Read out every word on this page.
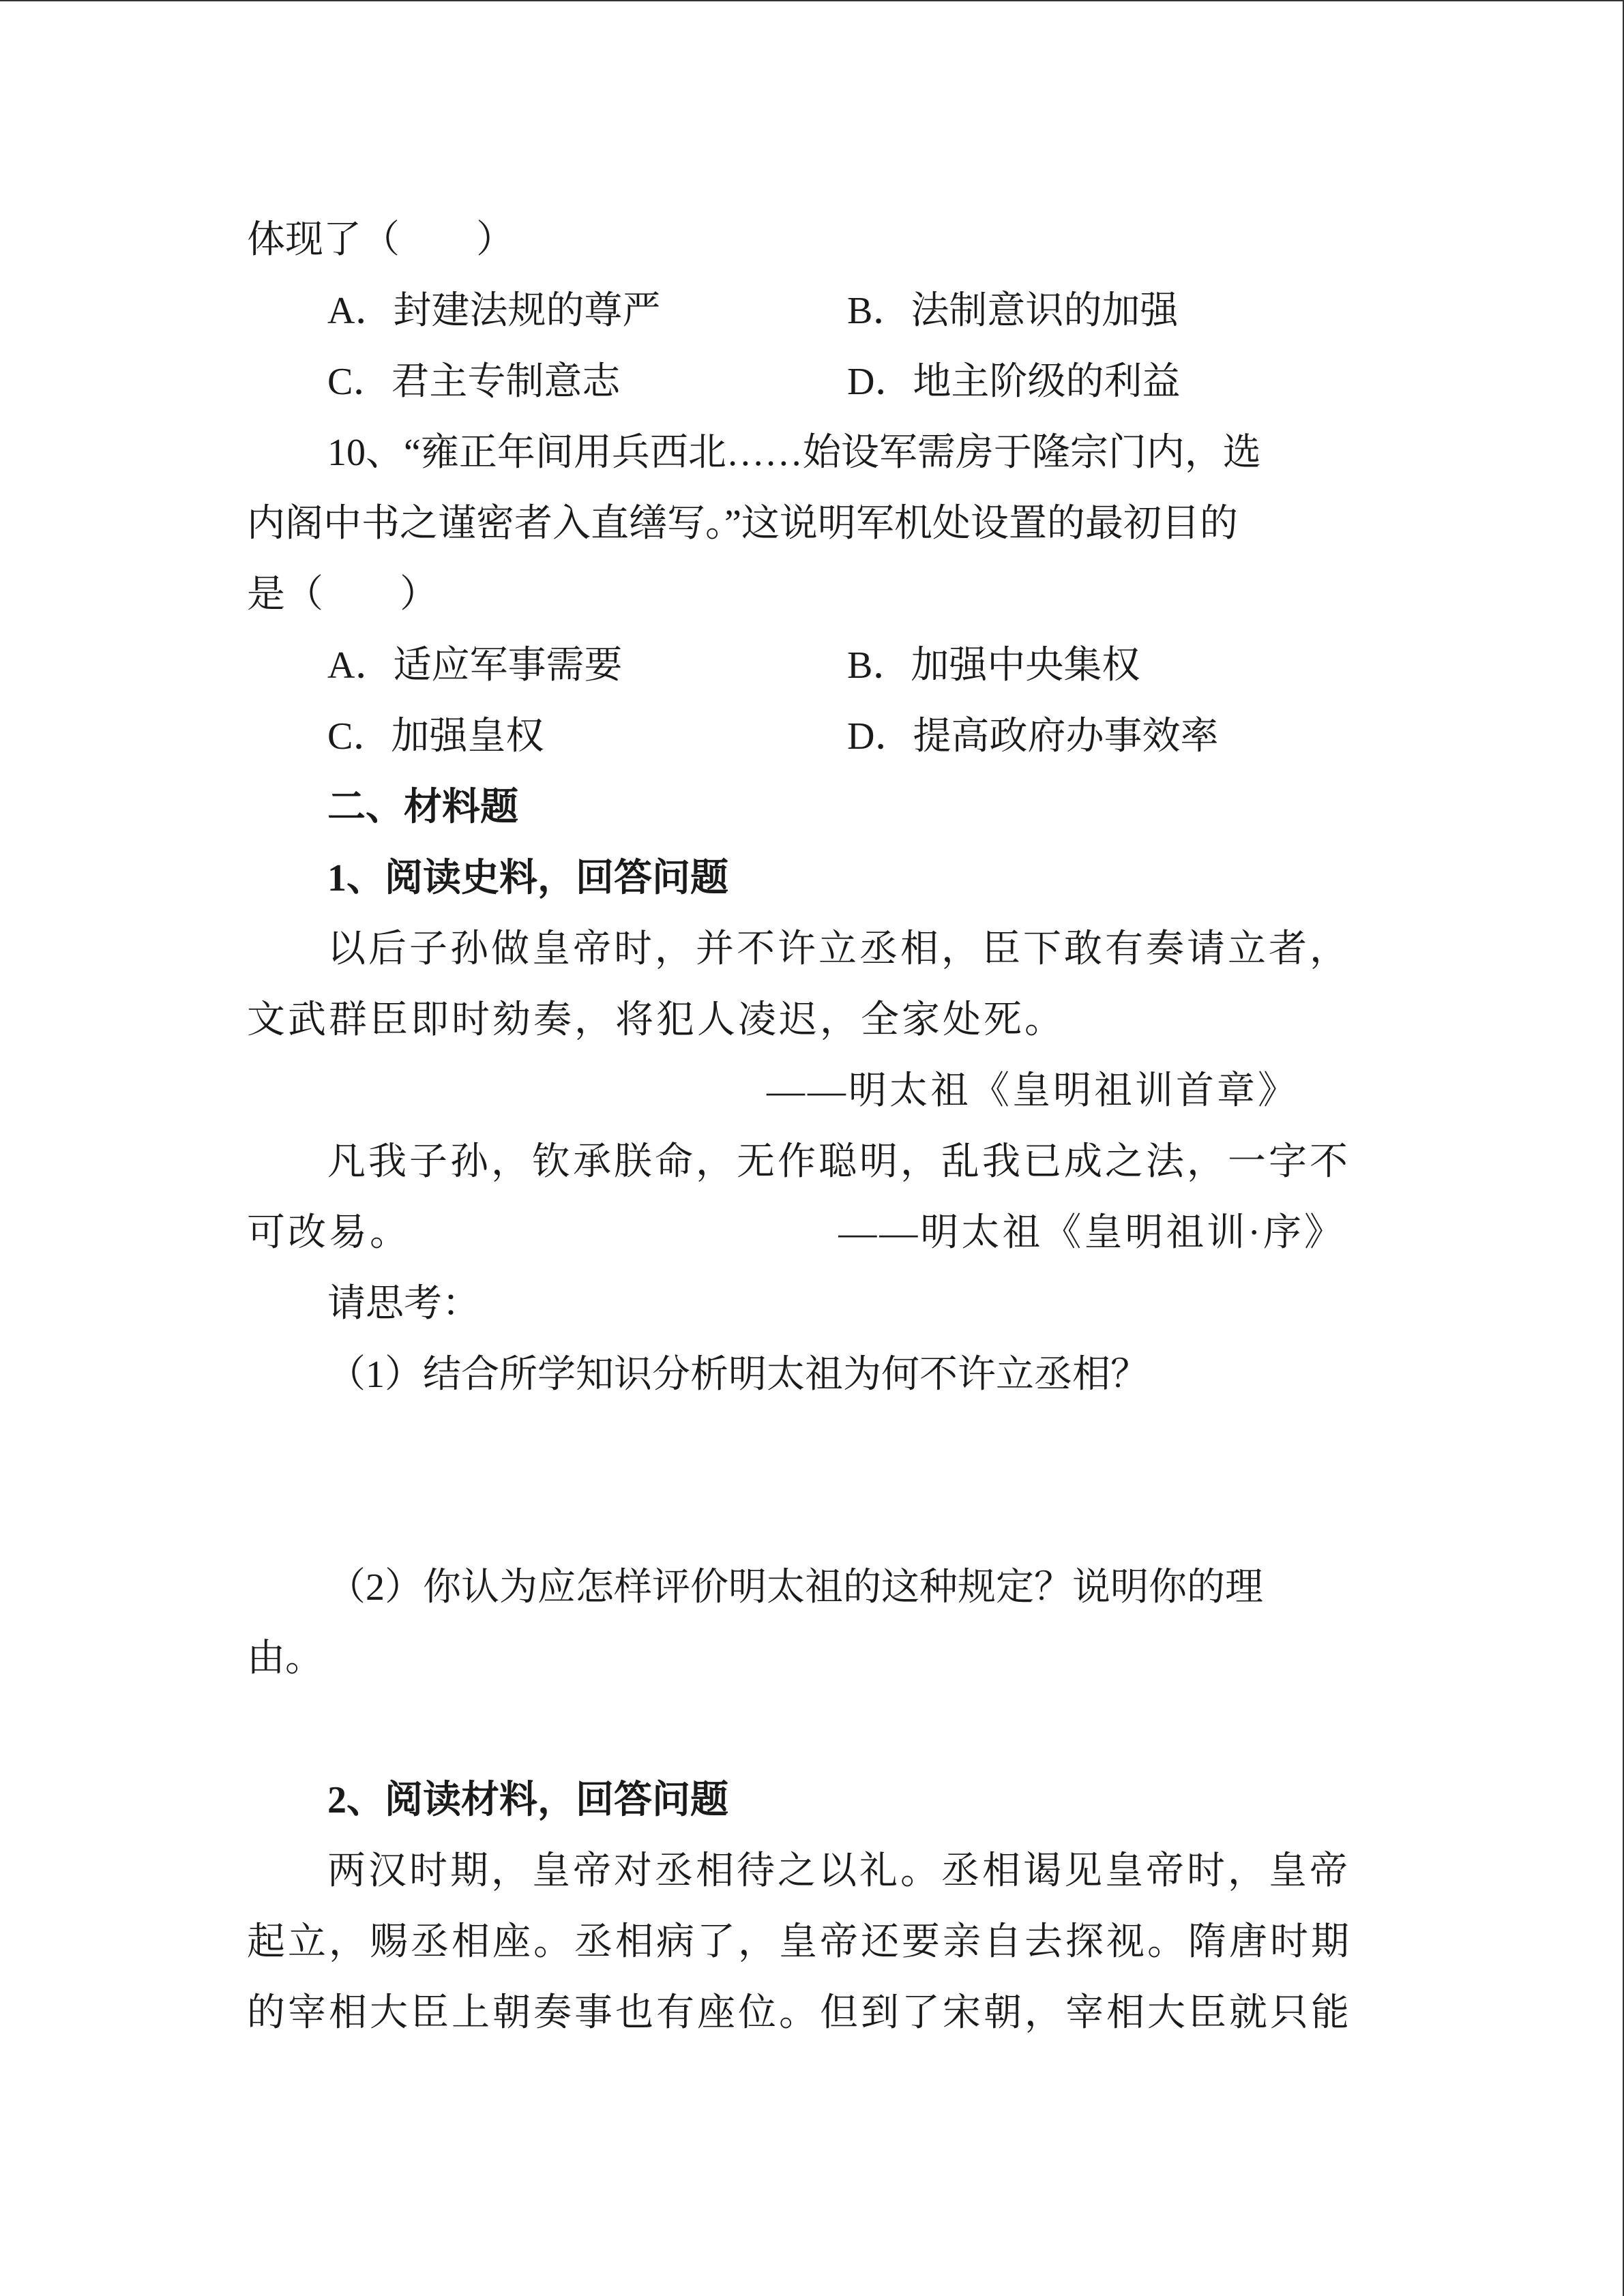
体现了（　　）
A．封建法规的尊严	B．法制意识的加强
C．君主专制意志	D．地主阶级的利益
10、“雍正年间用兵西北……始设军需房于隆宗门内，选
内阁中书之谨密者入直缮写。”这说明军机处设置的最初目的
是（　　）
A．适应军事需要	B．加强中央集权
C．加强皇权	D．提高政府办事效率
二、材料题
1、阅读史料，回答问题
以后子孙做皇帝时，并不许立丞相，臣下敢有奏请立者，
文武群臣即时劾奏，将犯人凌迟，全家处死。
——明太祖《皇明祖训首章》
凡我子孙，钦承朕命，无作聪明，乱我已成之法，一字不
可改易。	——明太祖《皇明祖训·序》
请思考：
（1）结合所学知识分析明太祖为何不许立丞相？
（2）你认为应怎样评价明太祖的这种规定？说明你的理
由。
2、阅读材料，回答问题
两汉时期，皇帝对丞相待之以礼。丞相谒见皇帝时，皇帝
起立，赐丞相座。丞相病了，皇帝还要亲自去探视。隋唐时期
的宰相大臣上朝奏事也有座位。但到了宋朝，宰相大臣就只能
